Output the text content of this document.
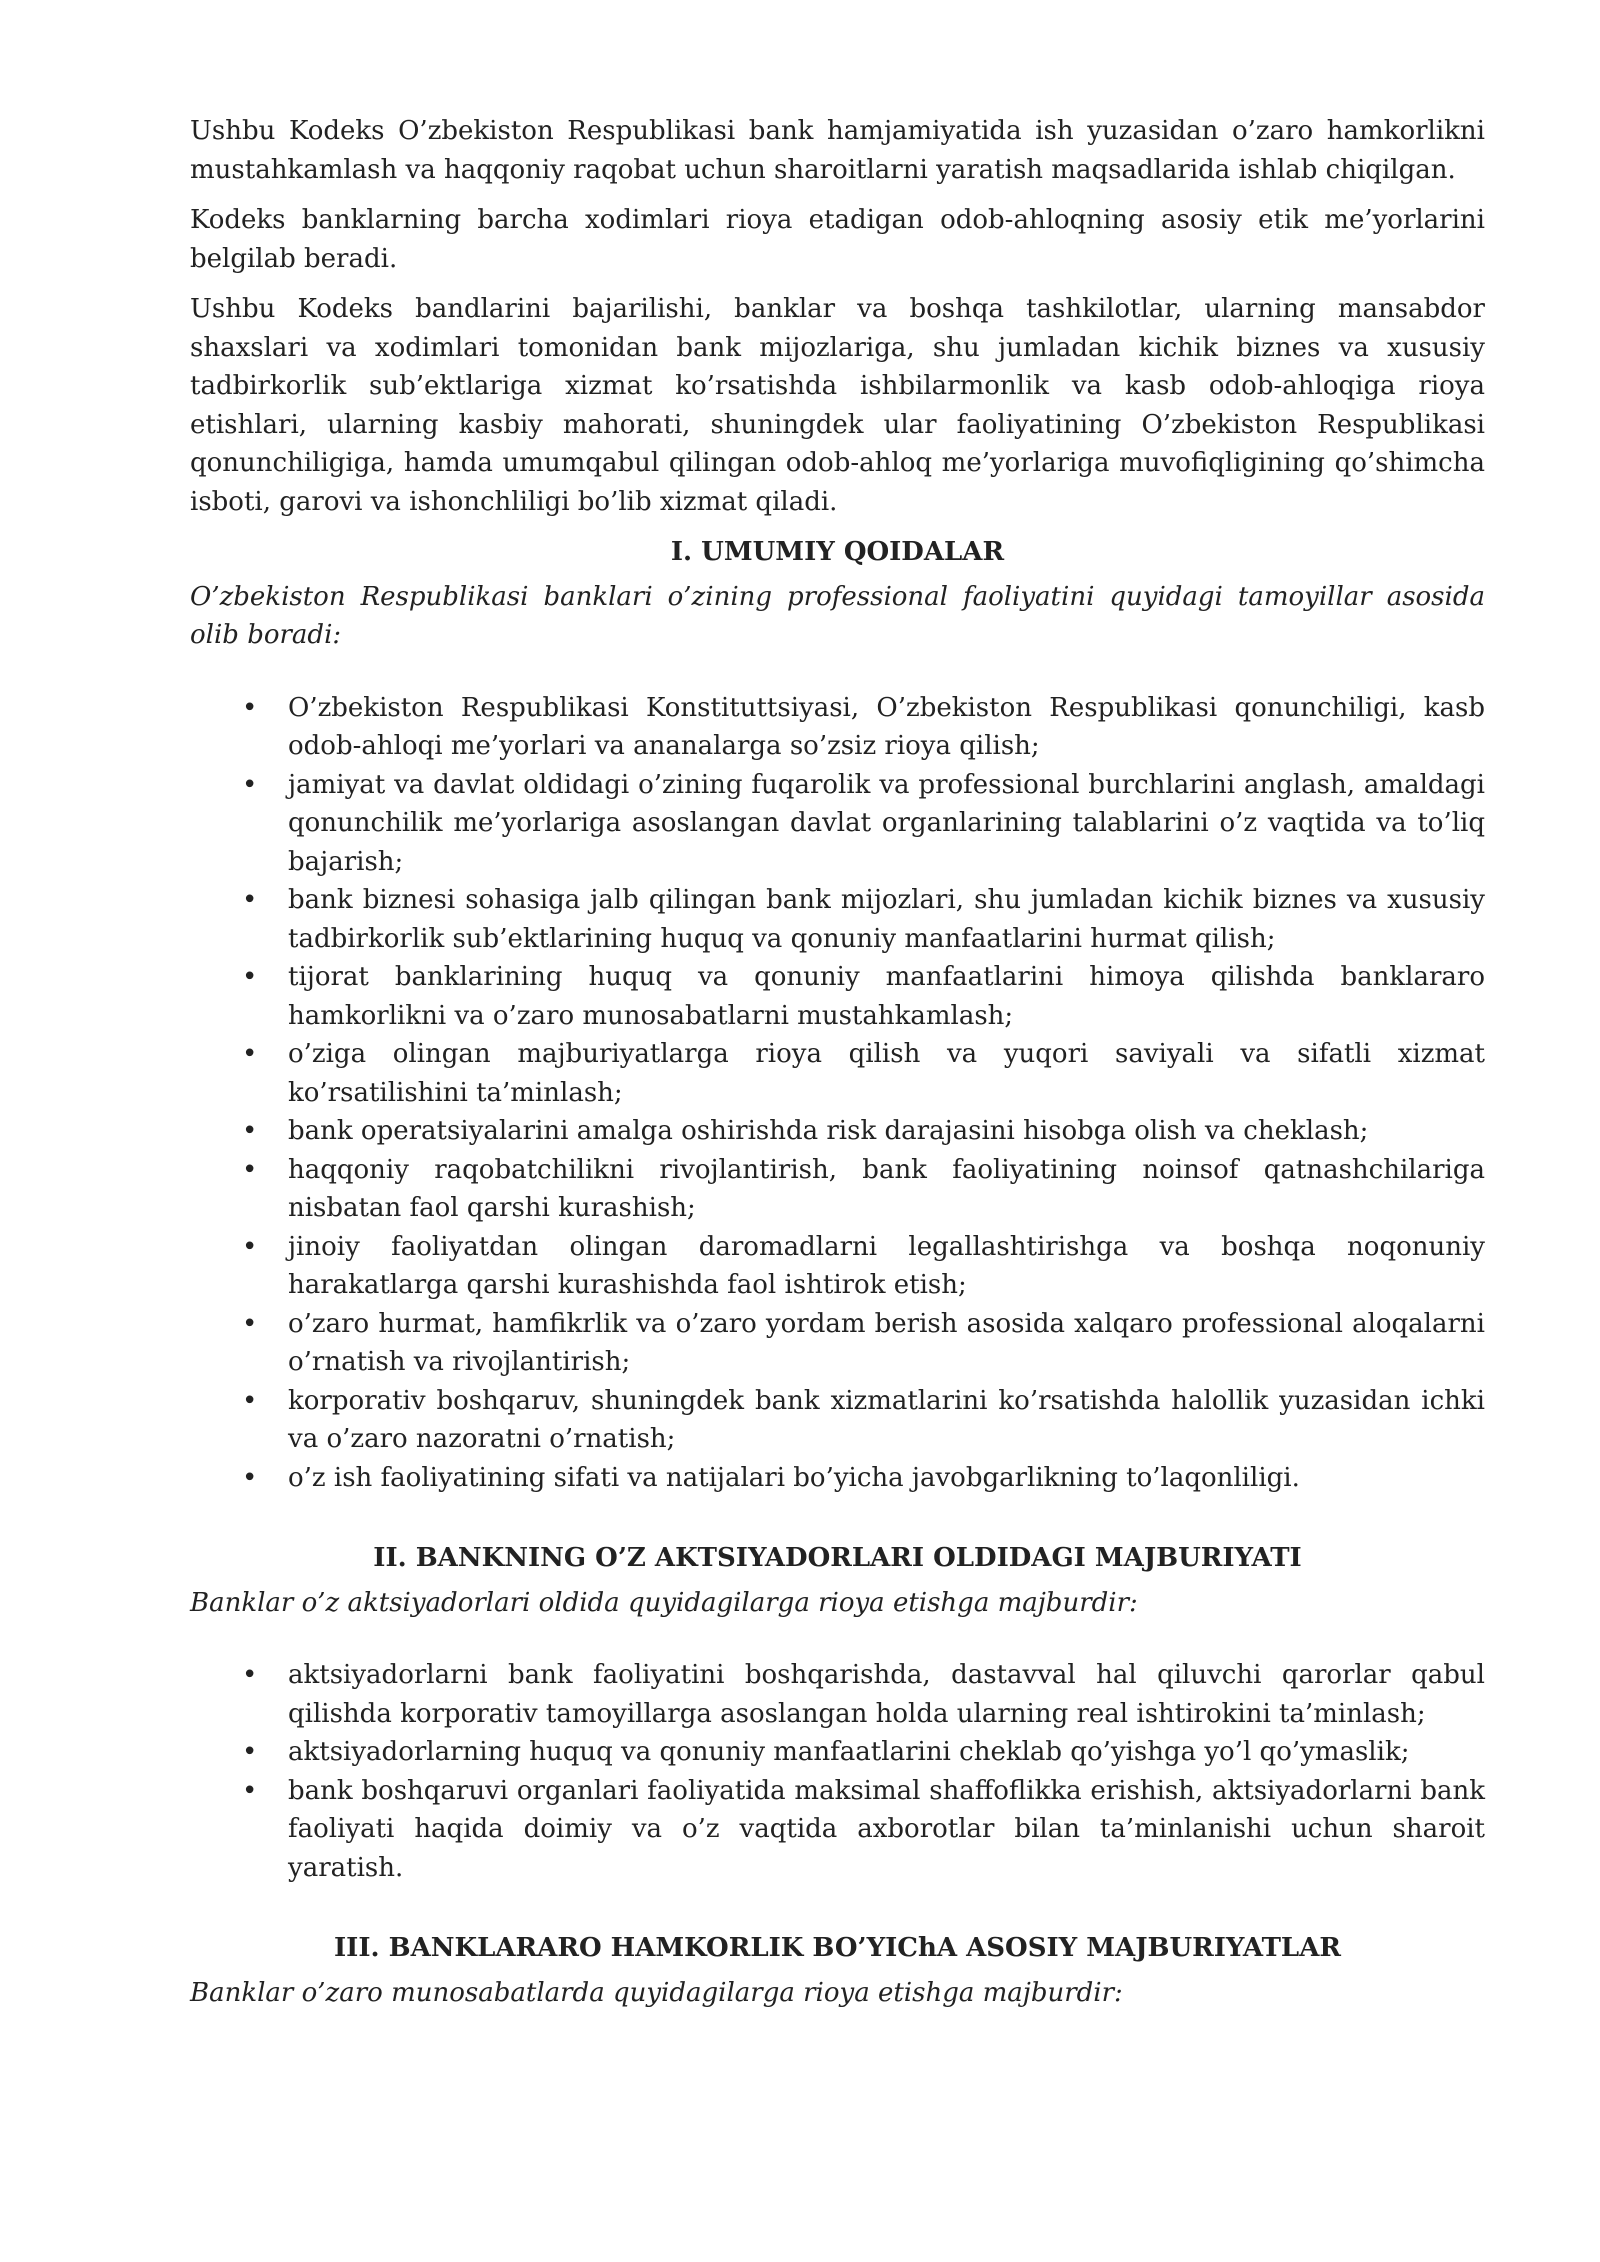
Ushbu Kodeks O’zbekiston Respublikasi bank hamjamiyatida ish yuzasidan o’zaro hamkorlikni mustahkamlash va haqqoniy raqobat uchun sharoitlarni yaratish maqsadlarida ishlab chiqilgan.

Kodeks banklarning barcha xodimlari rioya etadigan odob-ahloqning asosiy etik me’yorlarini belgilab beradi.

Ushbu Kodeks bandlarini bajarilishi, banklar va boshqa tashkilotlar, ularning mansabdor shaxslari va xodimlari tomonidan bank mijozlariga, shu jumladan kichik biznes va xususiy tadbirkorlik sub’ektlariga xizmat ko’rsatishda ishbilarmonlik va kasb odob-ahloqiga rioya etishlari, ularning kasbiy mahorati, shuningdek ular faoliyatining O’zbekiston Respublikasi qonunchiligiga, hamda umumqabul qilingan odob-ahloq me’yorlariga muvofiqligining qo’shimcha isboti, garovi va ishonchliligi bo’lib xizmat qiladi.

I. UMUMIY QOIDALAR
O’zbekiston Respublikasi banklari o’zining professional faoliyatini quyidagi tamoyillar asosida olib boradi:
• O’zbekiston Respublikasi Konstituttsiyasi, O’zbekiston Respublikasi qonunchiligi, kasb odob-ahloqi me’yorlari va ananalarga so’zsiz rioya qilish;
• jamiyat va davlat oldidagi o’zining fuqarolik va professional burchlarini anglash, amaldagi qonunchilik me’yorlariga asoslangan davlat organlarining talablarini o’z vaqtida va to’liq bajarish;
• bank biznesi sohasiga jalb qilingan bank mijozlari, shu jumladan kichik biznes va xususiy tadbirkorlik sub’ektlarining huquq va qonuniy manfaatlarini hurmat qilish;
• tijorat banklarining huquq va qonuniy manfaatlarini himoya qilishda banklararo hamkorlikni va o’zaro munosabatlarni mustahkamlash;
• o’ziga olingan majburiyatlarga rioya qilish va yuqori saviyali va sifatli xizmat ko’rsatilishini ta’minlash;
• bank operatsiyalarini amalga oshirishda risk darajasini hisobga olish va cheklash;
• haqqoniy raqobatchilikni rivojlantirish, bank faoliyatining noinsof qatnashchilariga nisbatan faol qarshi kurashish;
• jinoiy faoliyatdan olingan daromadlarni legallashtirishga va boshqa noqonuniy harakatlarga qarshi kurashishda faol ishtirok etish;
• o’zaro hurmat, hamfikrlik va o’zaro yordam berish asosida xalqaro professional aloqalarni o’rnatish va rivojlantirish;
• korporativ boshqaruv, shuningdek bank xizmatlarini ko’rsatishda halollik yuzasidan ichki va o’zaro nazoratni o’rnatish;
• o’z ish faoliyatining sifati va natijalari bo’yicha javobgarlikning to’laqonliligi.
II. BANKNING O’Z AKTSIYADORLARI OLDIDAGI MAJBURIYATI
Banklar o’z aktsiyadorlari oldida quyidagilarga rioya etishga majburdir:
• aktsiyadorlarni bank faoliyatini boshqarishda, dastavval hal qiluvchi qarorlar qabul qilishda korporativ tamoyillarga asoslangan holda ularning real ishtirokini ta’minlash;
• aktsiyadorlarning huquq va qonuniy manfaatlarini cheklab qo’yishga yo’l qo’ymaslik;
• bank boshqaruvi organlari faoliyatida maksimal shaffoflikka erishish, aktsiyadorlarni bank faoliyati haqida doimiy va o’z vaqtida axborotlar bilan ta’minlanishi uchun sharoit yaratish.
III. BANKLARARO HAMKORLIK BO’YIChA ASOSIY MAJBURIYATLAR
Banklar o’zaro munosabatlarda quyidagilarga rioya etishga majburdir:
